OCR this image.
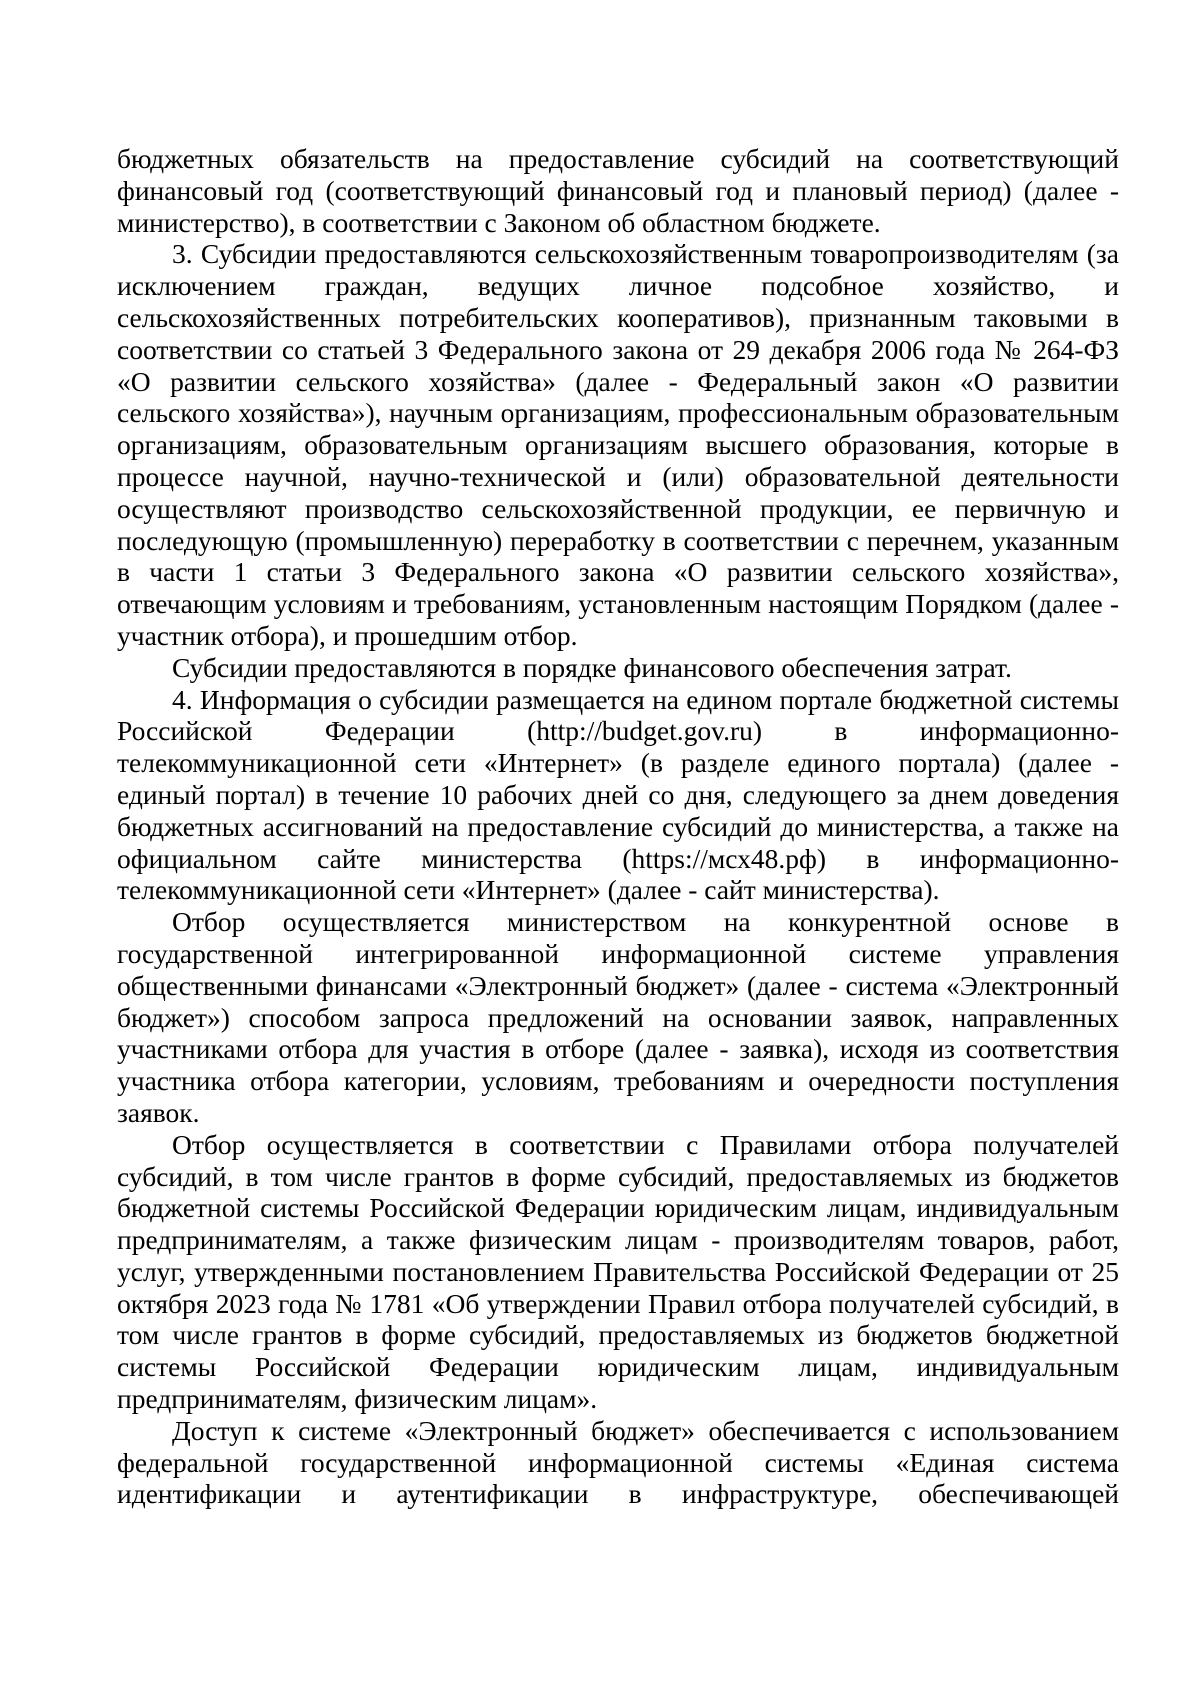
бюджетных обязательств на предоставление субсидий на соответствующий финансовый год (соответствующий финансовый год и плановый период) (далее - министерство), в соответствии с Законом об областном бюджете.

3. Субсидии предоставляются сельскохозяйственным товаропроизводителям (за исключением граждан, ведущих личное подсобное хозяйство, и сельскохозяйственных потребительских кооперативов), признанным таковыми в соответствии со статьей 3 Федерального закона от 29 декабря 2006 года № 264-ФЗ «О развитии сельского хозяйства» (далее - Федеральный закон «О развитии сельского хозяйства»), научным организациям, профессиональным образовательным организациям, образовательным организациям высшего образования, которые в процессе научной, научно-технической и (или) образовательной деятельности осуществляют производство сельскохозяйственной продукции, ее первичную и последующую (промышленную) переработку в соответствии с перечнем, указанным в части 1 статьи 3 Федерального закона «О развитии сельского хозяйства», отвечающим условиям и требованиям, установленным настоящим Порядком (далее - участник отбора), и прошедшим отбор.

Субсидии предоставляются в порядке финансового обеспечения затрат.

4. Информация о субсидии размещается на едином портале бюджетной системы Российской Федерации (http://budget.gov.ru) в информационно-телекоммуникационной сети «Интернет» (в разделе единого портала) (далее - единый портал) в течение 10 рабочих дней со дня, следующего за днем доведения бюджетных ассигнований на предоставление субсидий до министерства, а также на официальном сайте министерства (https://мсх48.рф) в информационно-телекоммуникационной сети «Интернет» (далее - сайт министерства).

Отбор осуществляется министерством на конкурентной основе в государственной интегрированной информационной системе управления общественными финансами «Электронный бюджет» (далее - система «Электронный бюджет») способом запроса предложений на основании заявок, направленных участниками отбора для участия в отборе (далее - заявка), исходя из соответствия участника отбора категории, условиям, требованиям и очередности поступления заявок.

Отбор осуществляется в соответствии с Правилами отбора получателей субсидий, в том числе грантов в форме субсидий, предоставляемых из бюджетов бюджетной системы Российской Федерации юридическим лицам, индивидуальным предпринимателям, а также физическим лицам - производителям товаров, работ, услуг, утвержденными постановлением Правительства Российской Федерации от 25 октября 2023 года № 1781 «Об утверждении Правил отбора получателей субсидий, в том числе грантов в форме субсидий, предоставляемых из бюджетов бюджетной системы Российской Федерации юридическим лицам, индивидуальным предпринимателям, физическим лицам».

Доступ к системе «Электронный бюджет» обеспечивается с использованием федеральной государственной информационной системы «Единая система идентификации и аутентификации в инфраструктуре, обеспечивающей
